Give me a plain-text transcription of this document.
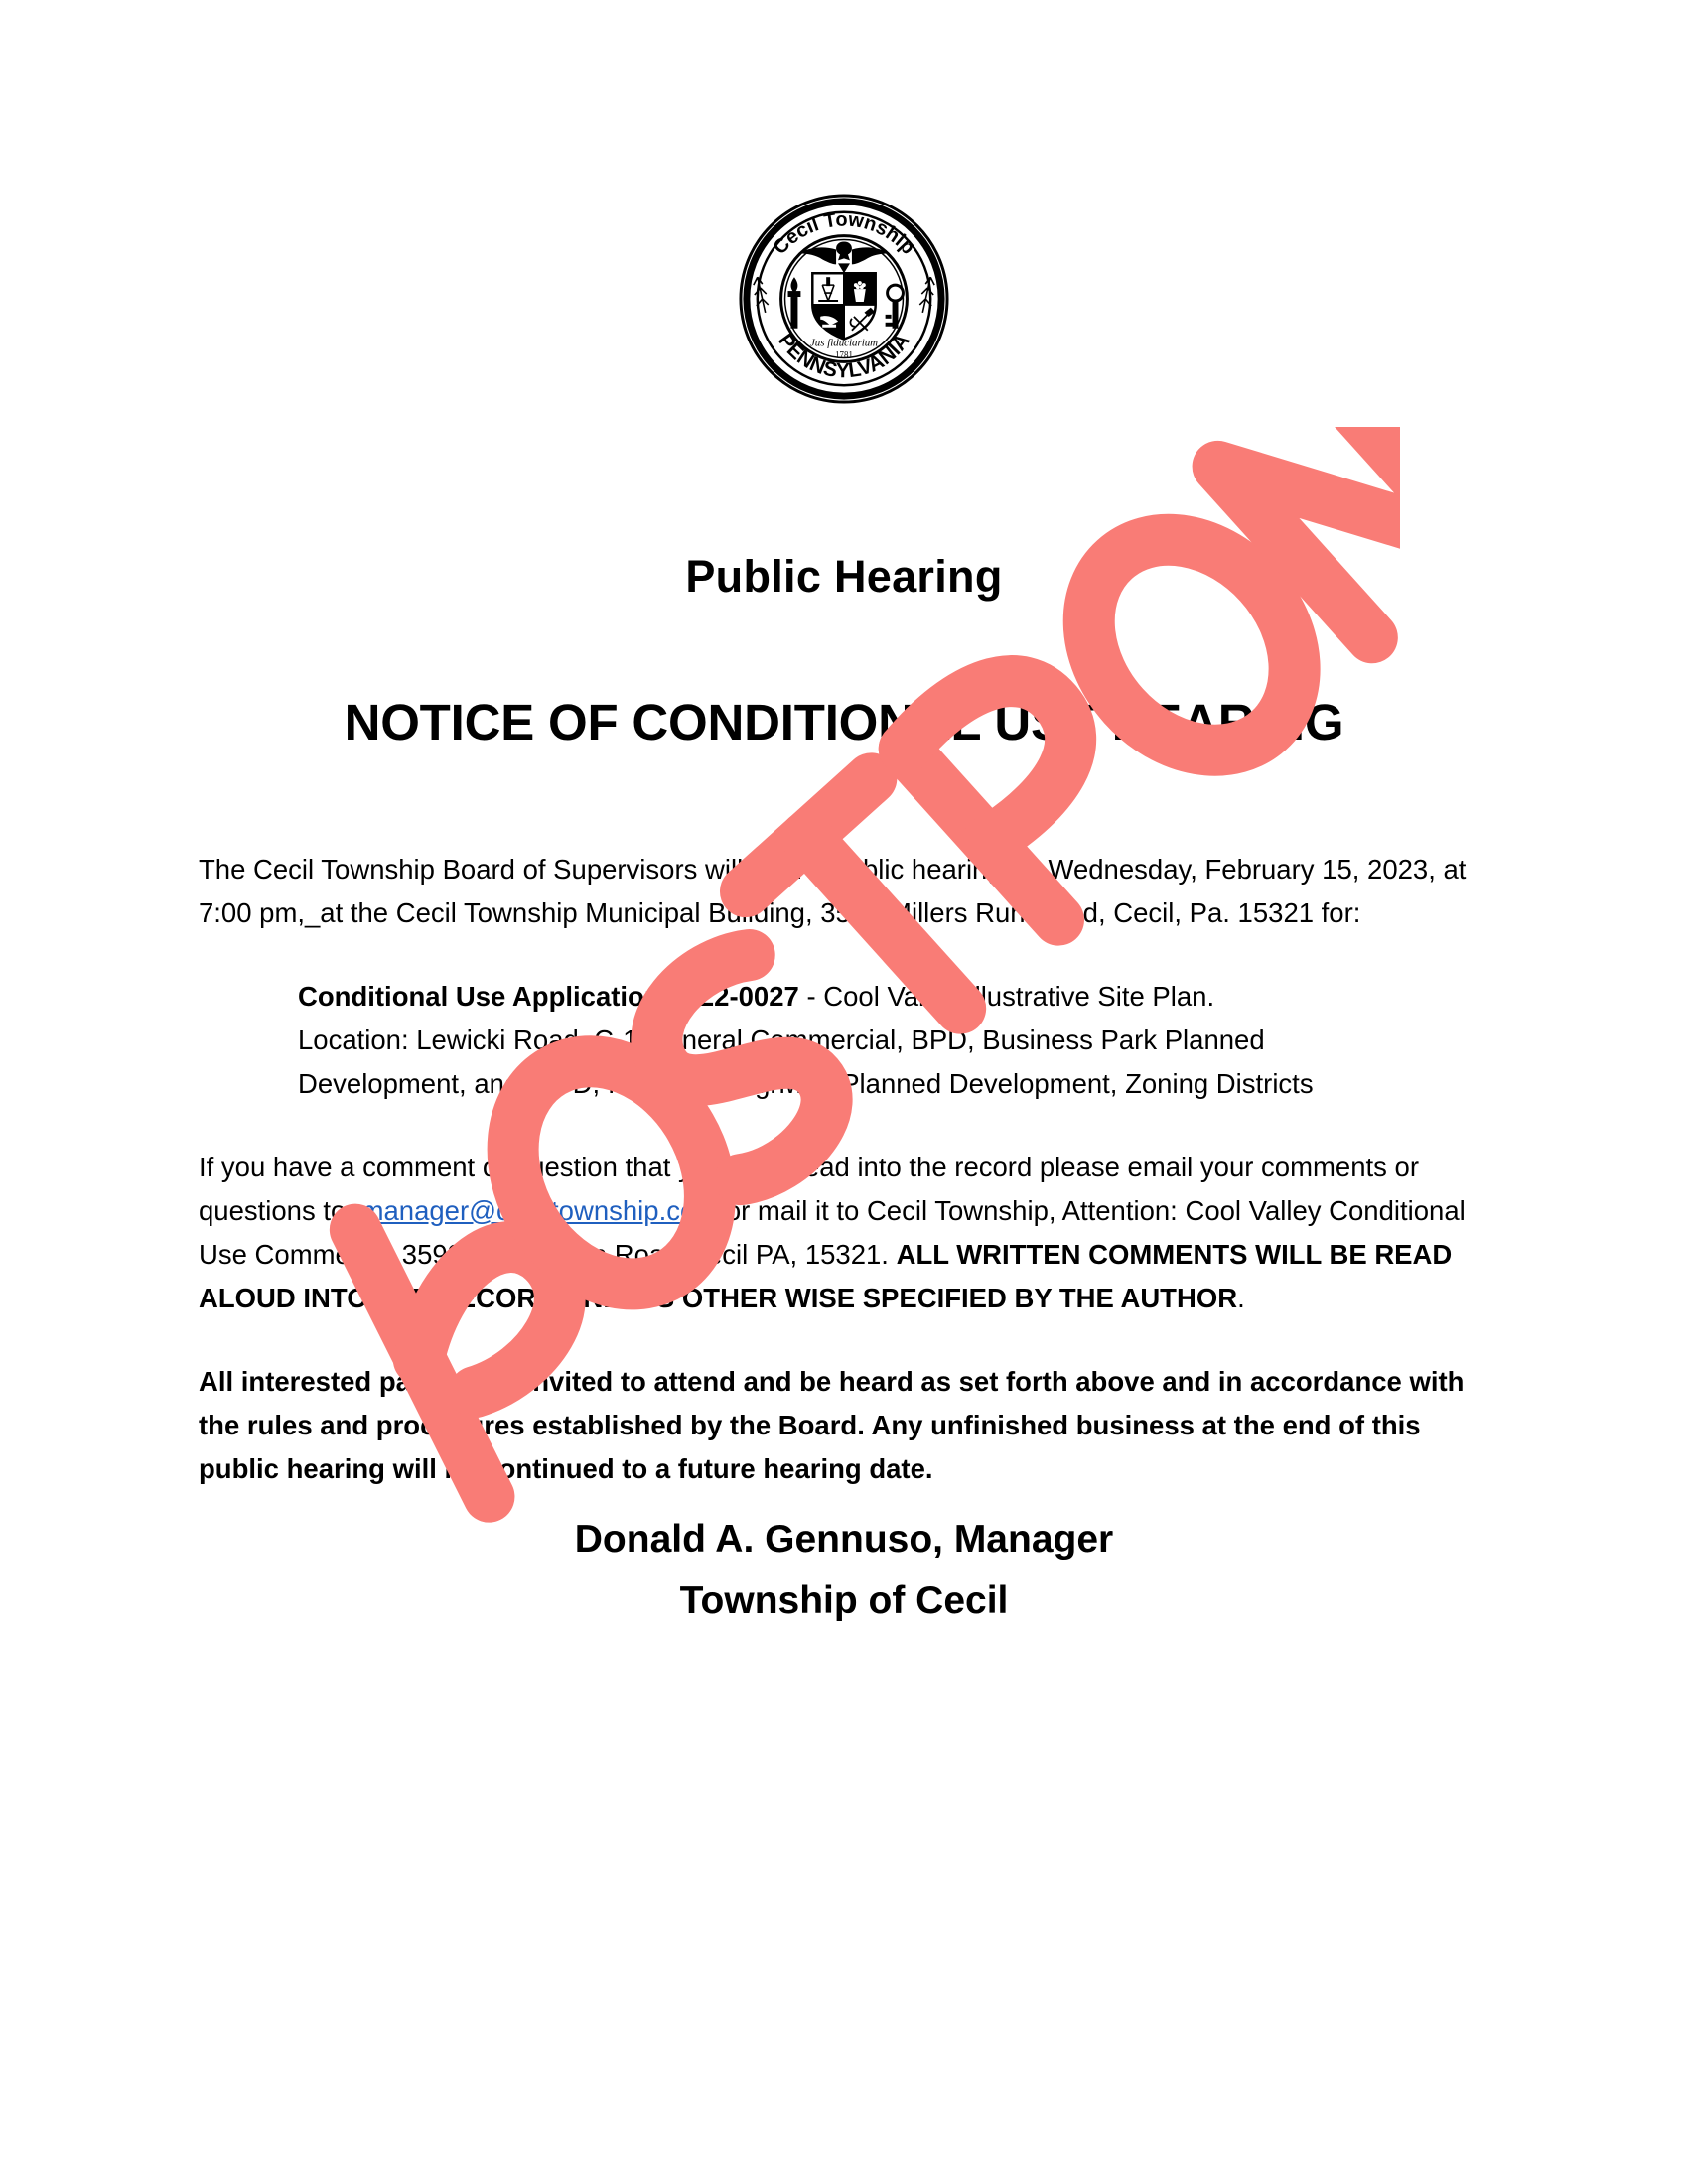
Cecil Township
PENNSYLVANIA
Jus fiduciarium
1781
Public Hearing
NOTICE OF CONDITIONAL USE HEARING

The Cecil Township Board of Supervisors will hold a public hearing on Wednesday, February 15, 2023, at 7:00 pm,_at the Cecil Township Municipal Building, 3599 Millers Run Road, Cecil, Pa. 15321 for:

Conditional Use Application 2022-0027 - Cool Valley Illustrative Site Plan.
Location: Lewicki Road, C-1 General Commercial, BPD, Business Park Planned
Development, and IHPD, Interstate Highway Planned Development, Zoning Districts

If you have a comment or question that you want read into the record please email your comments or questions to: manager@ceciltownship.com or mail it to Cecil Township, Attention: Cool Valley Conditional Use Comments, 3599 Millers Run Road Cecil PA, 15321. ALL WRITTEN COMMENTS WILL BE READ ALOUD INTO THE RECORD UNLESS OTHER WISE SPECIFIED BY THE AUTHOR.

All interested parties are invited to attend and be heard as set forth above and in accordance with the rules and procedures established by the Board. Any unfinished business at the end of this public hearing will be continued to a future hearing date.

Donald A. Gennuso, Manager
Township of Cecil
